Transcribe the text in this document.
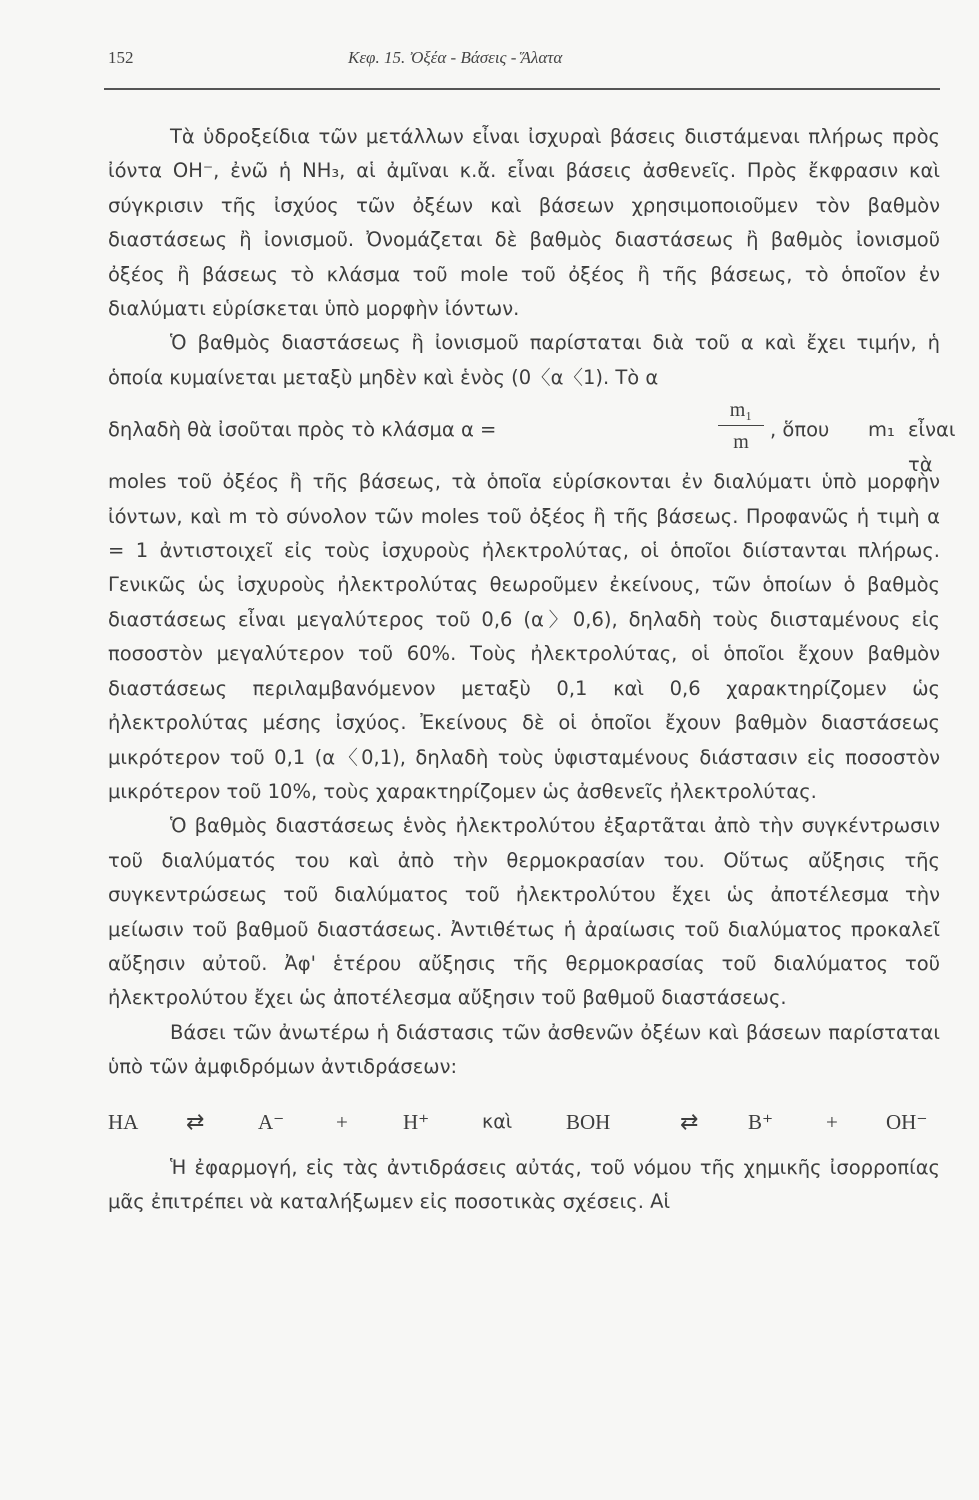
152	Κεφ. 15. Ὀξέα - Βάσεις - Ἅλατα

Τὰ ὑδροξείδια τῶν μετάλλων εἶναι ἰσχυραὶ βάσεις διιστάμεναι πλήρως πρὸς ἰόντα OH⁻, ἐνῶ ἡ NH₃, αἱ ἀμῖναι κ.ἄ. εἶναι βάσεις ἀσθενεῖς. Πρὸς ἔκφρασιν καὶ σύγκρισιν τῆς ἰσχύος τῶν ὀξέων καὶ βάσεων χρησιμοποιοῦμεν τὸν βαθμὸν διαστάσεως ἢ ἰονισμοῦ. Ὀνομάζεται δὲ βαθμὸς διαστάσεως ἢ βαθμὸς ἰονισμοῦ ὀξέος ἢ βάσεως τὸ κλάσμα τοῦ mole τοῦ ὀξέος ἢ τῆς βάσεως, τὸ ὁποῖον ἐν διαλύματι εὑρίσκεται ὑπὸ μορφὴν ἰόντων.

Ὁ βαθμὸς διαστάσεως ἢ ἰονισμοῦ παρίσταται διὰ τοῦ α καὶ ἔχει τιμήν, ἡ ὁποία κυμαίνεται μεταξὺ μηδὲν καὶ ἑνὸς (0〈α〈1). Τὸ α

δηλαδὴ θὰ ἰσοῦται πρὸς τὸ κλάσμα α =	$\frac{\text{m₁}}{m}$ , ὅπου m₁ εἶναι τὰ

moles τοῦ ὀξέος ἢ τῆς βάσεως, τὰ ὁποῖα εὑρίσκονται ἐν διαλύματι ὑπὸ μορφὴν ἰόντων, καὶ m τὸ σύνολον τῶν moles τοῦ ὀξέος ἢ τῆς βάσεως. Προφανῶς ἡ τιμὴ α = 1 ἀντιστοιχεῖ εἰς τοὺς ἰσχυροὺς ἠλεκτρολύτας, οἱ ὁποῖοι διίστανται πλήρως. Γενικῶς ὡς ἰσχυροὺς ἠλεκτρολύτας θεωροῦμεν ἐκείνους, τῶν ὁποίων ὁ βαθμὸς διαστάσεως εἶναι μεγαλύτερος τοῦ 0,6 (α〉0,6), δηλαδὴ τοὺς διισταμένους εἰς ποσοστὸν μεγαλύτερον τοῦ 60%. Τοὺς ἠλεκτρολύτας, οἱ ὁποῖοι ἔχουν βαθμὸν διαστάσεως περιλαμβανόμενον μεταξὺ 0,1 καὶ 0,6 χαρακτηρίζομεν ὡς ἠλεκτρολύτας μέσης ἰσχύος. Ἐκείνους δὲ οἱ ὁποῖοι ἔχουν βαθμὸν διαστάσεως μικρότερον τοῦ 0,1 (α〈0,1), δηλαδὴ τοὺς ὑφισταμένους διάστασιν εἰς ποσοστὸν μικρότερον τοῦ 10%, τοὺς χαρακτηρίζομεν ὡς ἀσθενεῖς ἠλεκτρολύτας.

Ὁ βαθμὸς διαστάσεως ἑνὸς ἠλεκτρολύτου ἐξαρτᾶται ἀπὸ τὴν συγκέντρωσιν τοῦ διαλύματός του καὶ ἀπὸ τὴν θερμοκρασίαν του. Οὕτως αὔξησις τῆς συγκεντρώσεως τοῦ διαλύματος τοῦ ἠλεκτρολύτου ἔχει ὡς ἀποτέλεσμα τὴν μείωσιν τοῦ βαθμοῦ διαστάσεως. Ἀντιθέτως ἡ ἀραίωσις τοῦ διαλύματος προκαλεῖ αὔξησιν αὐτοῦ. Ἀφ' ἑτέρου αὔξησις τῆς θερμοκρασίας τοῦ διαλύματος τοῦ ἠλεκτρολύτου ἔχει ὡς ἀποτέλεσμα αὔξησιν τοῦ βαθμοῦ διαστάσεως.

Βάσει τῶν ἀνωτέρω ἡ διάστασις τῶν ἀσθενῶν ὀξέων καὶ βάσεων παρίσταται ὑπὸ τῶν ἀμφιδρόμων ἀντιδράσεων:

HA ⇄	A⁻ +	H⁺	καὶ	BOH	⇄ B⁺	+ OH⁻

Ἡ ἐφαρμογή, εἰς τὰς ἀντιδράσεις αὐτάς, τοῦ νόμου τῆς χημικῆς ἰσορροπίας μᾶς ἐπιτρέπει νὰ καταλήξωμεν εἰς ποσοτικὰς σχέσεις. Αἱ
